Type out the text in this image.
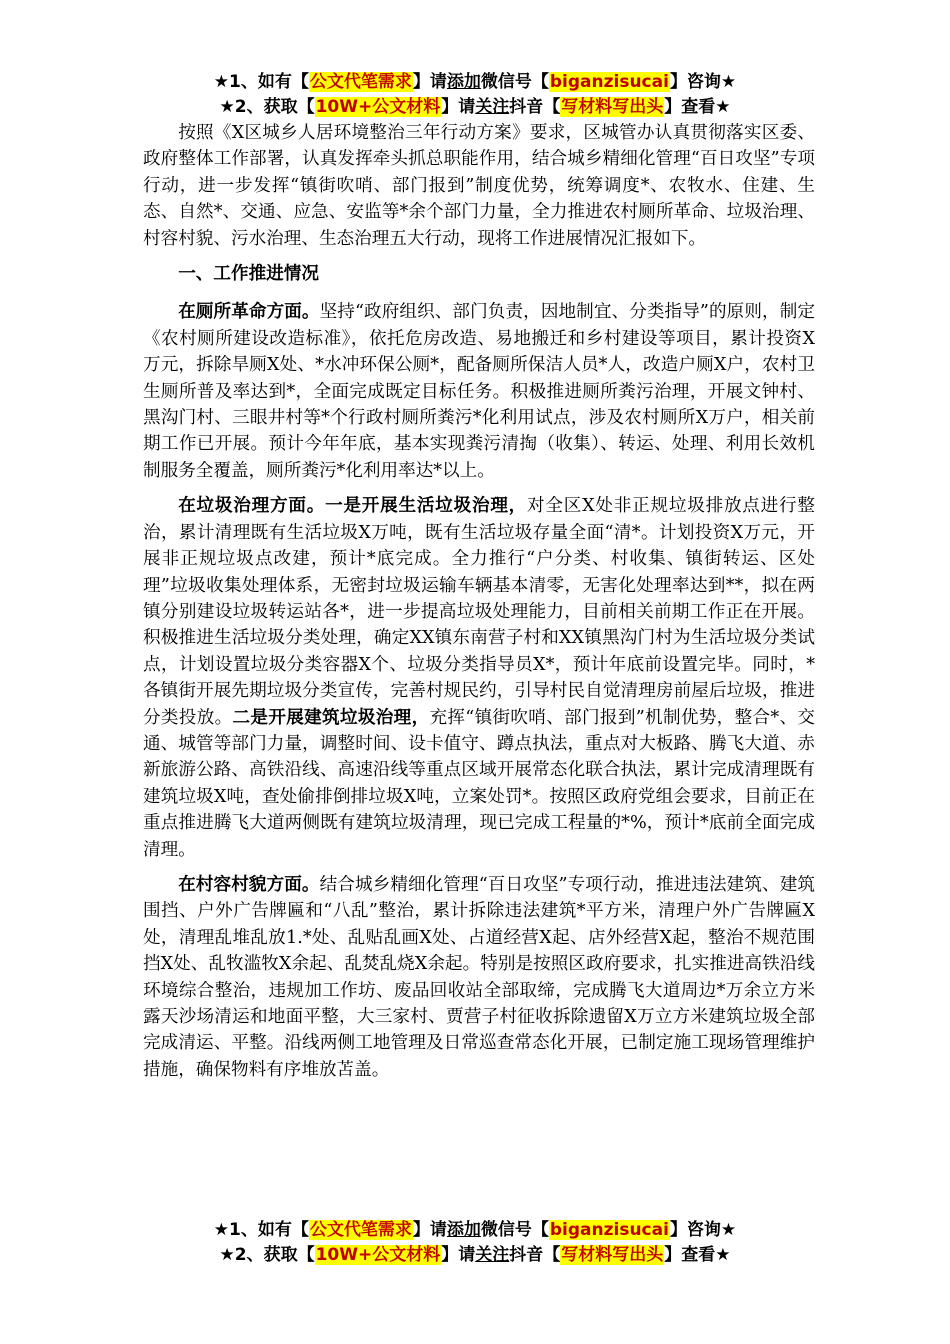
★1、如有【公文代笔需求】请添加微信号【biganzisucai】咨询★
★2、获取【10W+公文材料】请关注抖音【写材料写出头】查看★

按照《X区城乡人居环境整治三年行动方案》要求，区城管办认真贯彻落实区委、政府整体工作部署，认真发挥牵头抓总职能作用，结合城乡精细化管理“百日攻坚”专项行动，进一步发挥“镇街吹哨、部门报到”制度优势，统筹调度*、农牧水、住建、生态、自然*、交通、应急、安监等*余个部门力量，全力推进农村厕所革命、垃圾治理、村容村貌、污水治理、生态治理五大行动，现将工作进展情况汇报如下。

一、工作推进情况

在厕所革命方面。坚持“政府组织、部门负责，因地制宜、分类指导”的原则，制定《农村厕所建设改造标准》，依托危房改造、易地搬迁和乡村建设等项目，累计投资X万元，拆除旱厕X处、*水冲环保公厕*，配备厕所保洁人员*人，改造户厕X户，农村卫生厕所普及率达到*，全面完成既定目标任务。积极推进厕所粪污治理，开展文钟村、黑沟门村、三眼井村等*个行政村厕所粪污*化利用试点，涉及农村厕所X万户，相关前期工作已开展。预计今年年底，基本实现粪污清掏（收集）、转运、处理、利用长效机制服务全覆盖，厕所粪污*化利用率达*以上。

在垃圾治理方面。一是开展生活垃圾治理，对全区X处非正规垃圾排放点进行整治，累计清理既有生活垃圾X万吨，既有生活垃圾存量全面“清*。计划投资X万元，开展非正规垃圾点改建，预计*底完成。全力推行“户分类、村收集、镇街转运、区处理”垃圾收集处理体系，无密封垃圾运输车辆基本清零，无害化处理率达到**，拟在两镇分别建设垃圾转运站各*，进一步提高垃圾处理能力，目前相关前期工作正在开展。积极推进生活垃圾分类处理，确定XX镇东南营子村和XX镇黑沟门村为生活垃圾分类试点，计划设置垃圾分类容器X个、垃圾分类指导员X*，预计年底前设置完毕。同时，*各镇街开展先期垃圾分类宣传，完善村规民约，引导村民自觉清理房前屋后垃圾，推进分类投放。二是开展建筑垃圾治理，充挥“镇街吹哨、部门报到”机制优势，整合*、交通、城管等部门力量，调整时间、设卡值守、蹲点执法，重点对大板路、腾飞大道、赤新旅游公路、高铁沿线、高速沿线等重点区域开展常态化联合执法，累计完成清理既有建筑垃圾X吨，查处偷排倒排垃圾X吨，立案处罚*。按照区政府党组会要求，目前正在重点推进腾飞大道两侧既有建筑垃圾清理，现已完成工程量的*%，预计*底前全面完成清理。

在村容村貌方面。结合城乡精细化管理“百日攻坚”专项行动，推进违法建筑、建筑围挡、户外广告牌匾和“八乱”整治，累计拆除违法建筑*平方米，清理户外广告牌匾X处，清理乱堆乱放1.*处、乱贴乱画X处、占道经营X起、店外经营X起，整治不规范围挡X处、乱牧滥牧X余起、乱焚乱烧X余起。特别是按照区政府要求，扎实推进高铁沿线环境综合整治，违规加工作坊、废品回收站全部取缔，完成腾飞大道周边*万余立方米露天沙场清运和地面平整，大三家村、贾营子村征收拆除遗留X万立方米建筑垃圾全部完成清运、平整。沿线两侧工地管理及日常巡查常态化开展，已制定施工现场管理维护措施，确保物料有序堆放苫盖。

★1、如有【公文代笔需求】请添加微信号【biganzisucai】咨询★
★2、获取【10W+公文材料】请关注抖音【写材料写出头】查看★
